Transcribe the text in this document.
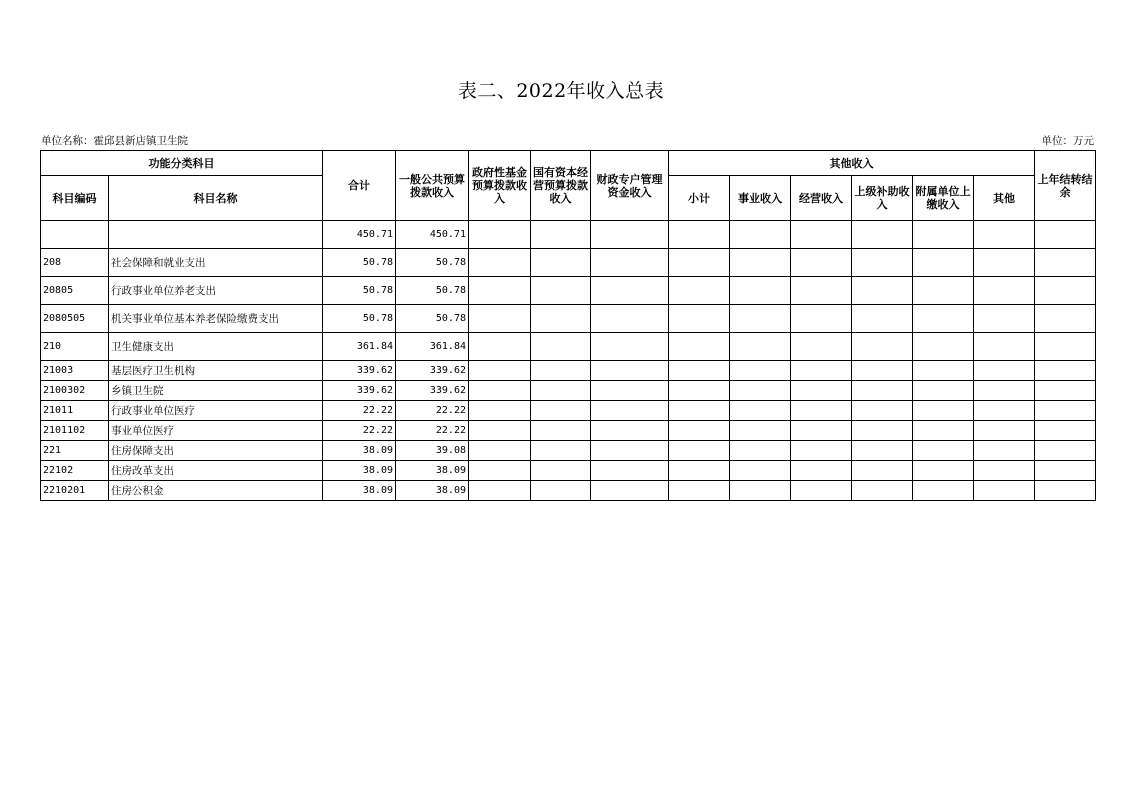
表二、2022年收入总表
单位名称：霍邱县新店镇卫生院	单位：万元
功能分类科目		合计	一般公共预算拨款收入	政府性基金预算拨款收入	国有资本经营预算拨款收入	财政专户管理资金收入	其他收入						上年结转结余
科目编码	科目名称						小计	事业收入	经营收入	上级补助收入	附属单位上缴收入	其他	
		450.71	450.71										
208	社会保障和就业支出	50.78	50.78										
20805	行政事业单位养老支出	50.78	50.78										
2080505	机关事业单位基本养老保险缴费支出	50.78	50.78										
210	卫生健康支出	361.84	361.84										
21003	基层医疗卫生机构	339.62	339.62										
2100302	乡镇卫生院	339.62	339.62										
21011	行政事业单位医疗	22.22	22.22										
2101102	事业单位医疗	22.22	22.22										
221	住房保障支出	38.09	39.08										
22102	住房改革支出	38.09	38.09										
2210201	住房公积金	38.09	38.09										
